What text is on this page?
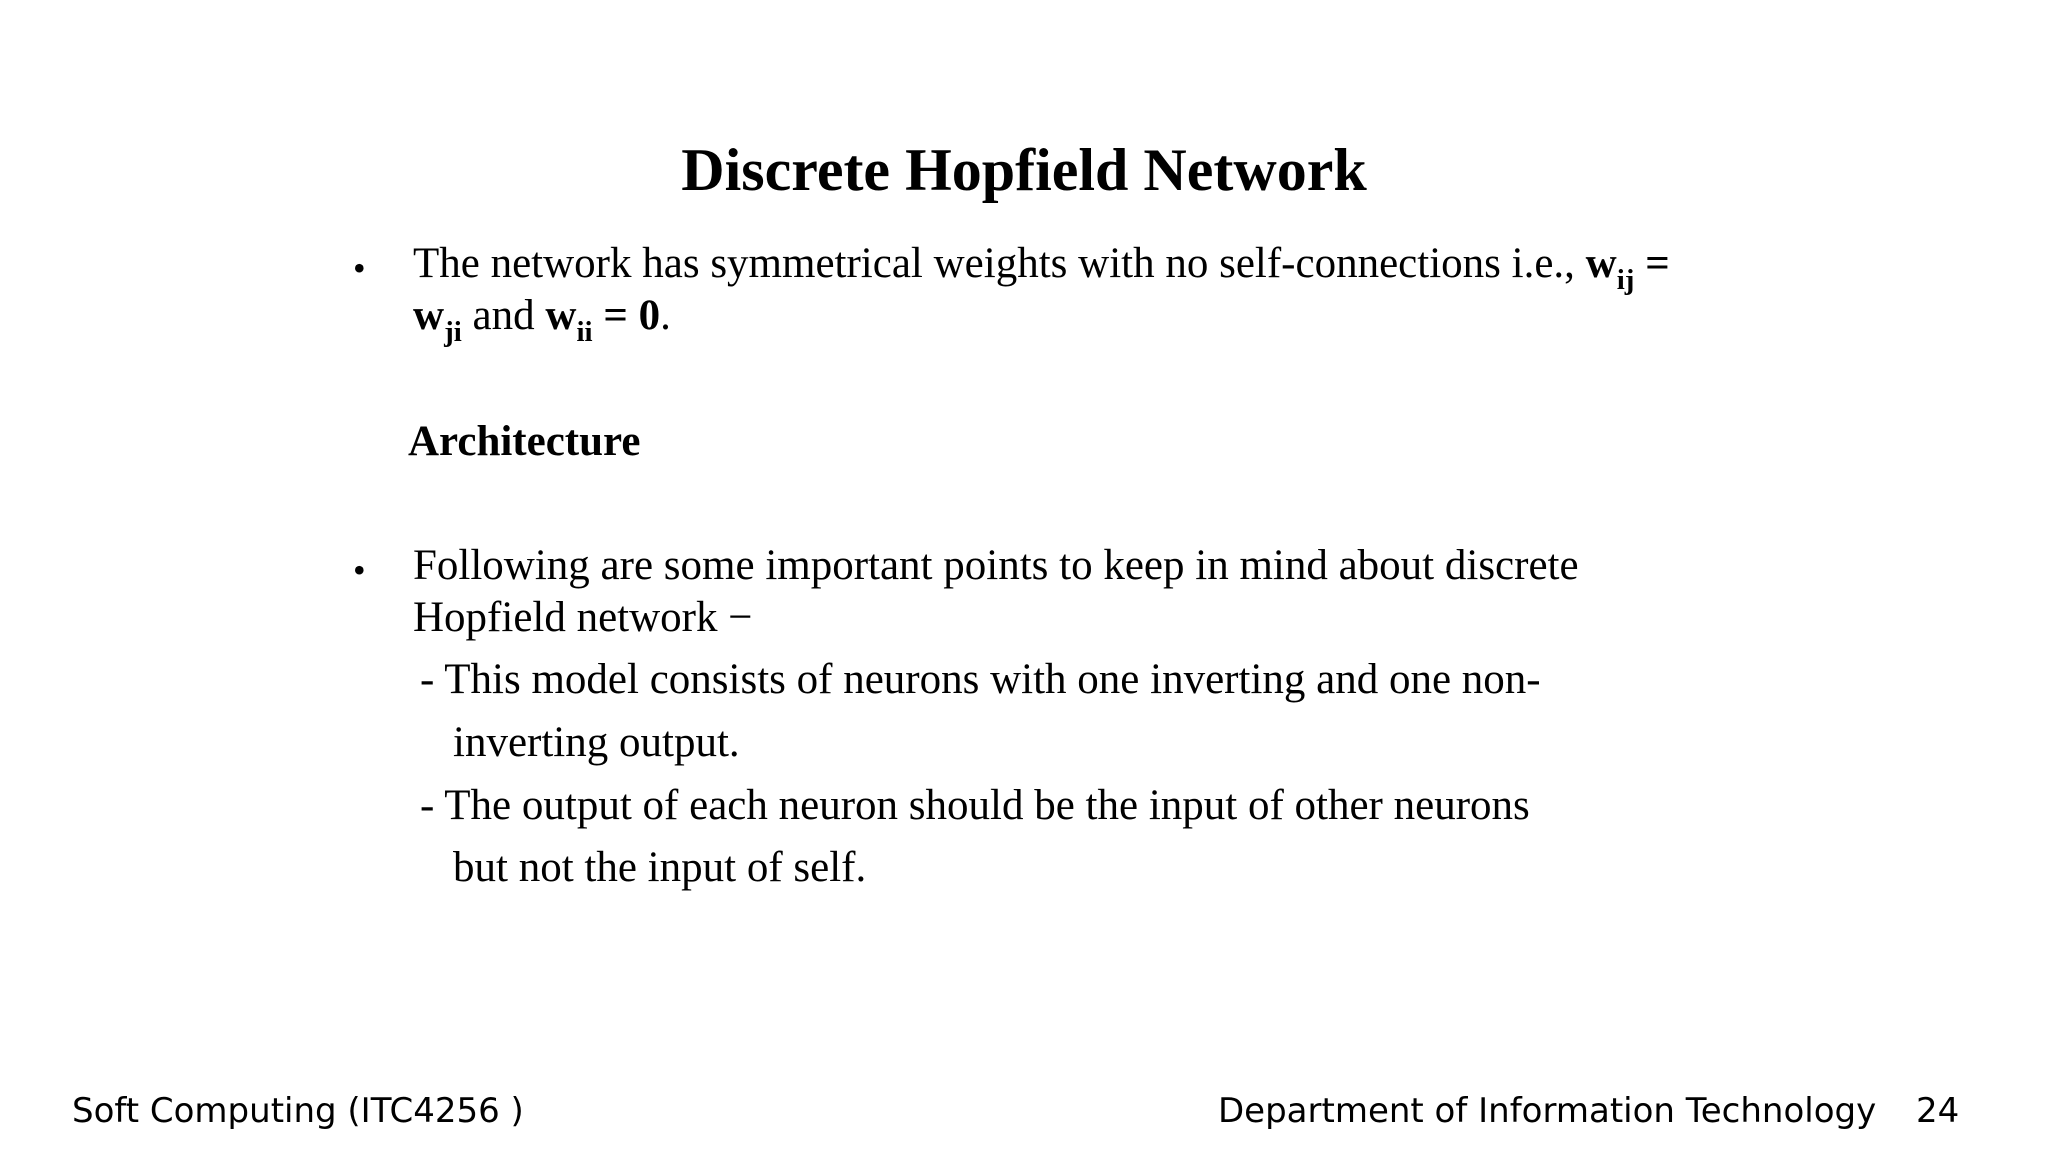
Discrete Hopfield Network
• The network has symmetrical weights with no self-connections i.e., $w_{ij}$ =
$w_{ji}$ and $w_{ii} = 0$.
Architecture
• Following are some important points to keep in mind about discrete
Hopfield network −
- This model consists of neurons with one inverting and one non-
inverting output.
- The output of each neuron should be the input of other neurons
but not the input of self.
Soft Computing (ITC4256 )	Department of Information Technology 24
